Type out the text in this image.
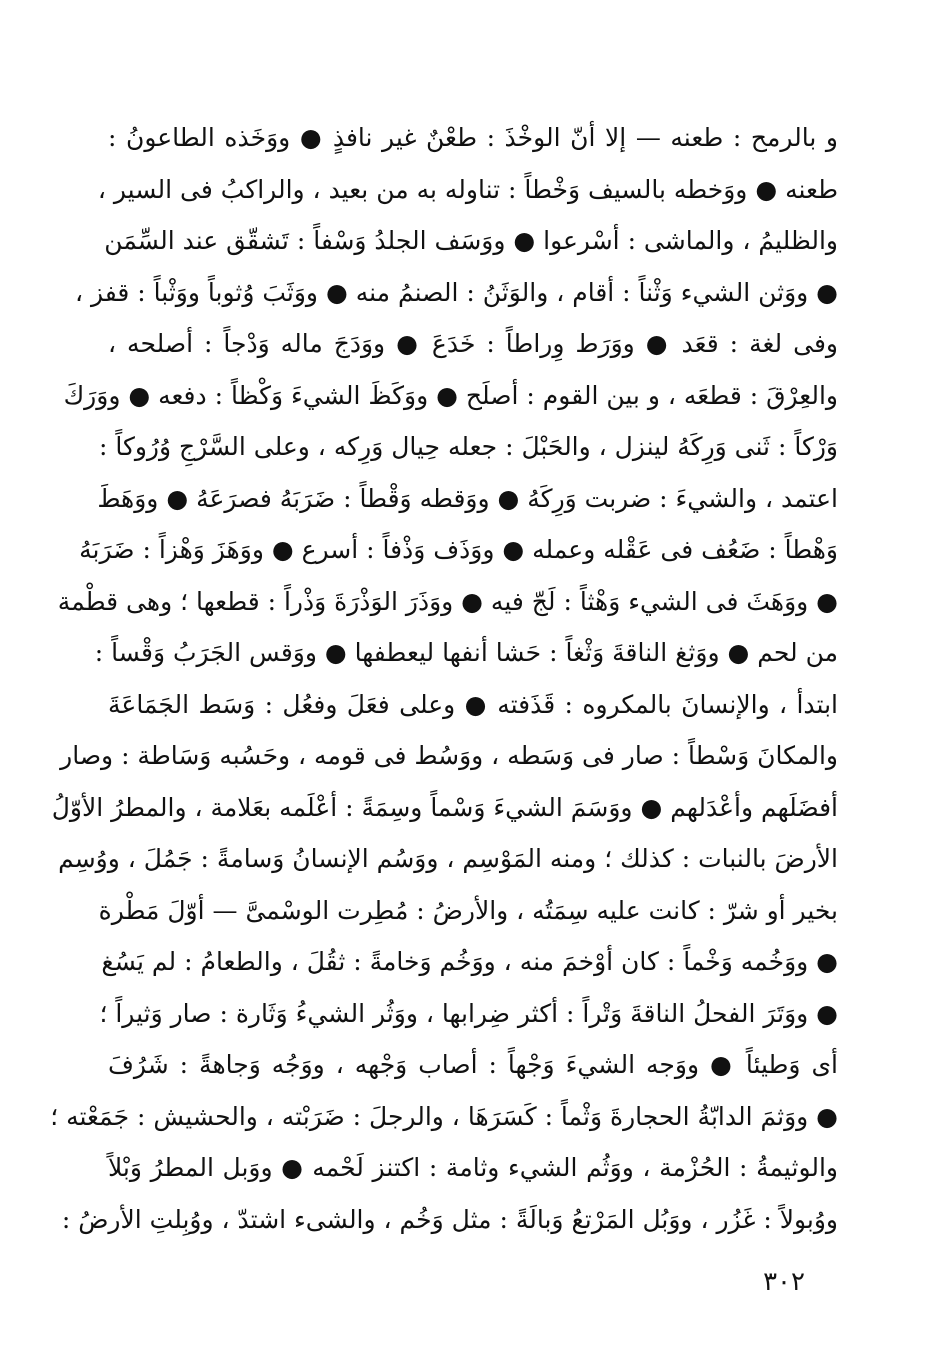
و بالرمح : طعنه — إلا أنّ الوخْذَ : طعْنٌ غير نافذٍ ● ووَخَذه الطاعونُ :
طعنه ● ووَخطه بالسيف وَخْطاً : تناوله به من بعيد ، والراكبُ فى السير ،
والظليمُ ، والماشى : أسْرعوا ● ووَسَف الجلدُ وَسْفاً : تَشقّق عند السِّمَن
● ووَثن الشيء وَثْناً : أقام ، والوَثَنُ : الصنمُ منه ● ووَثَبَ وُثوباً ووَثْباً : قفز ،
وفى لغة : قعَد ● ووَرَط وِراطاً : خَدَعَ ● ووَدَجَ ماله وَدْجاً : أصلحه ،
والعِرْقَ : قطعَه ، و بين القوم : أصلَح ● ووَكَظَ الشيءَ وَكْظاً : دفعه ● ووَرَكَ
وَرْكاً : ثَنى وَرِكَهُ لينزل ، والحَبْلَ : جعله حِيال وَرِكه ، وعلى السَّرْجِ وُرُوكاً :
اعتمد ، والشيءَ : ضربت وَرِكَهُ ● ووَقطه وَقْطاً : ضَرَبَهُ فصرَعَهُ ● ووَهَطَ
وَهْطاً : ضَعُف فى عَقْله وعمله ● ووَذَف وَذْفاً : أسرع ● ووَهَزَ وَهْزاً : ضَرَبَهُ
● ووَهَثَ فى الشيء وَهْثاً : لَجّ فيه ● ووَذَرَ الوَذْرَةَ وَذْراً : قطعها ؛ وهى قطْمة
من لحم ● ووَثغ الناقةَ وَثْغاً : حَشا أنفها ليعطفها ● ووَقس الجَرَبُ وَقْساً :
ابتدأ ، والإنسانَ بالمكروه : قَذَفته ● وعلى فعَلَ وفعُل : وَسَط الجَمَاعَةَ
والمكانَ وَسْطاً : صار فى وَسَطه ، ووَسُط فى قومه ، وحَسُبه وَسَاطة : وصار
أفضَلَهم وأعْدَلهم ● ووَسَمَ الشيءَ وَسْماً وسِمَةً : أعْلَمه بعَلامة ، والمطرُ الأوّلُ
الأرضَ بالنبات : كذلك ؛ ومنه المَوْسِم ، ووَسُم الإنسانُ وَسامةً : جَمُلَ ، ووُسِم
بخير أو شرّ : كانت عليه سِمَتُه ، والأرضُ : مُطِرت الوسْمىَّ — أوّلَ مَطْرة
● ووَخُمه وَخْماً : كان أوْخمَ منه ، ووَخُم وَخامةً : ثقُلَ ، والطعامُ : لم يَسُغ
● ووَتَرَ الفحلُ الناقةَ وَتْراً : أكثر ضِرابها ، ووَثُر الشيءُ وَثَارة : صار وَثيراً ؛
أى وَطيئاً ● ووَجه الشيءَ وَجْهاً : أصاب وَجْهه ، ووَجُه وَجاهةً : شَرُفَ
● ووَثمَ الدابّةُ الحجارةَ وَثْماً : كَسَرَهَا ، والرجلَ : ضَرَبْته ، والحشيش : جَمَعْته ؛
والوثيمةُ : الحُزْمة ، ووَثُم الشيء وثامة : اكتنز لَحْمه ● ووَبل المطرُ وَبْلاً
ووُبولاً : غَزُر ، ووَبُل المَرْتعُ وَبالَةً : مثل وَخُم ، والشىء اشتدّ ، ووُبِلتِ الأرضُ :
٣٠٢
